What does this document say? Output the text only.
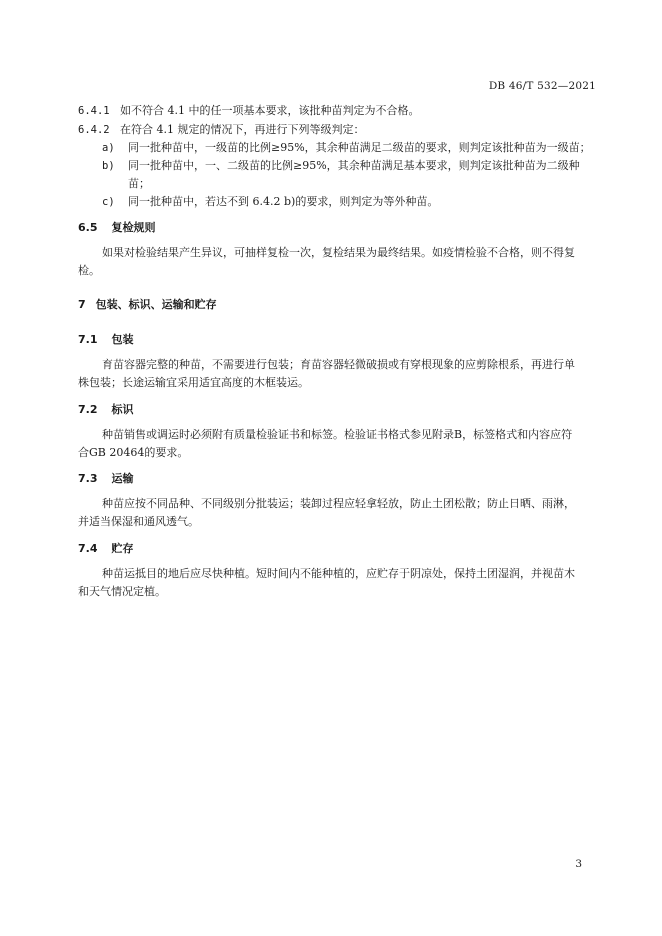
DB 46/T 532—2021
6.4.1 如不符合 4.1 中的任一项基本要求，该批种苗判定为不合格。
6.4.2 在符合 4.1 规定的情况下，再进行下列等级判定：
a) 同一批种苗中，一级苗的比例≥95%，其余种苗满足二级苗的要求，则判定该批种苗为一级苗；
b) 同一批种苗中，一、二级苗的比例≥95%，其余种苗满足基本要求，则判定该批种苗为二级种
苗；
c) 同一批种苗中，若达不到 6.4.2 b)的要求，则判定为等外种苗。
6.5 复检规则
如果对检验结果产生异议，可抽样复检一次，复检结果为最终结果。如疫情检验不合格，则不得复
检。
7 包装、标识、运输和贮存
7.1 包装
育苗容器完整的种苗，不需要进行包装；育苗容器轻微破损或有穿根现象的应剪除根系，再进行单
株包装；长途运输宜采用适宜高度的木框装运。
7.2 标识
种苗销售或调运时必须附有质量检验证书和标签。检验证书格式参见附录B，标签格式和内容应符
合GB 20464的要求。
7.3 运输
种苗应按不同品种、不同级别分批装运；装卸过程应轻拿轻放，防止土团松散；防止日晒、雨淋，
并适当保湿和通风透气。
7.4 贮存
种苗运抵目的地后应尽快种植。短时间内不能种植的，应贮存于阴凉处，保持土团湿润，并视苗木
和天气情况定植。
3
